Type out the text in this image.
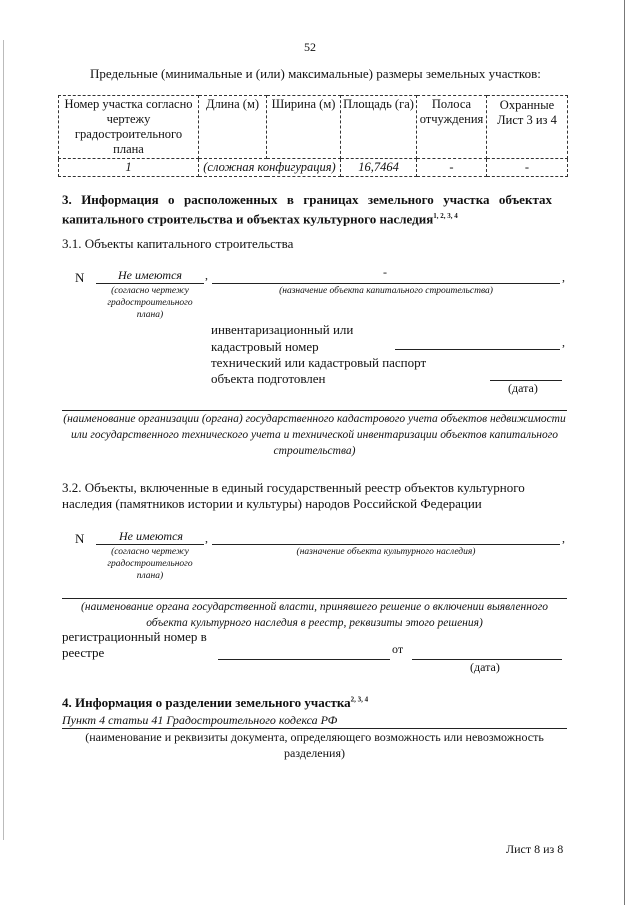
52
Предельные (минимальные и (или) максимальные) размеры земельных участков:
Номер участка согласно чертежу градостроительного плана	Длина (м)	Ширина (м)	Площадь (га)	Полоса отчуждения	Охранные Лист 3 из 4
1	(сложная конфигурация)		16,7464	-	-
3. Информация о расположенных в границах земельного участка объектах капитального строительства и объектах культурного наследия$^{1, 2, 3, 4}$
3.1. Объекты капитального строительства
N	Не имеются	,	-	,
(согласно чертежу градостроительного плана)
(назначение объекта капитального строительства)
инвентаризационный или кадастровый номер	,
технический или кадастровый паспорт объекта подготовлен
(дата)
(наименование организации (органа) государственного кадастрового учета объектов недвижимости или государственного технического учета и технической инвентаризации объектов капитального строительства)
3.2. Объекты, включенные в единый государственный реестр объектов культурного наследия (памятников истории и культуры) народов Российской Федерации
N	Не имеются	,	,
(согласно чертежу градостроительного плана)
(назначение объекта культурного наследия)
(наименование органа государственной власти, принявшего решение о включении выявленного объекта культурного наследия в реестр, реквизиты этого решения)
регистрационный номер в реестре	от
(дата)
4. Информация о разделении земельного участка$^{2, 3, 4}$
Пункт 4 статьи 41 Градостроительного кодекса РФ
(наименование и реквизиты документа, определяющего возможность или невозможность разделения)
Лист 8 из 8
